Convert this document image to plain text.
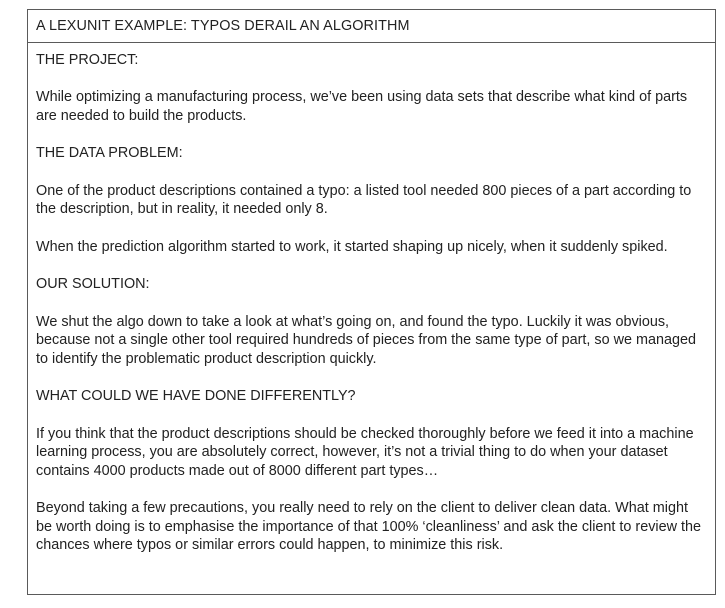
A LEXUNIT EXAMPLE: TYPOS DERAIL AN ALGORITHM

THE PROJECT:

While optimizing a manufacturing process, we’ve been using data sets that describe what kind of parts are needed to build the products.

THE DATA PROBLEM:

One of the product descriptions contained a typo: a listed tool needed 800 pieces of a part according to the description, but in reality, it needed only 8.

When the prediction algorithm started to work, it started shaping up nicely, when it suddenly spiked.

OUR SOLUTION:

We shut the algo down to take a look at what’s going on, and found the typo. Luckily it was obvious, because not a single other tool required hundreds of pieces from the same type of part, so we managed to identify the problematic product description quickly.

WHAT COULD WE HAVE DONE DIFFERENTLY?

If you think that the product descriptions should be checked thoroughly before we feed it into a machine learning process, you are absolutely correct, however, it’s not a trivial thing to do when your dataset contains 4000 products made out of 8000 different part types…

Beyond taking a few precautions, you really need to rely on the client to deliver clean data. What might be worth doing is to emphasise the importance of that 100% ‘cleanliness’ and ask the client to review the chances where typos or similar errors could happen, to minimize this risk.
